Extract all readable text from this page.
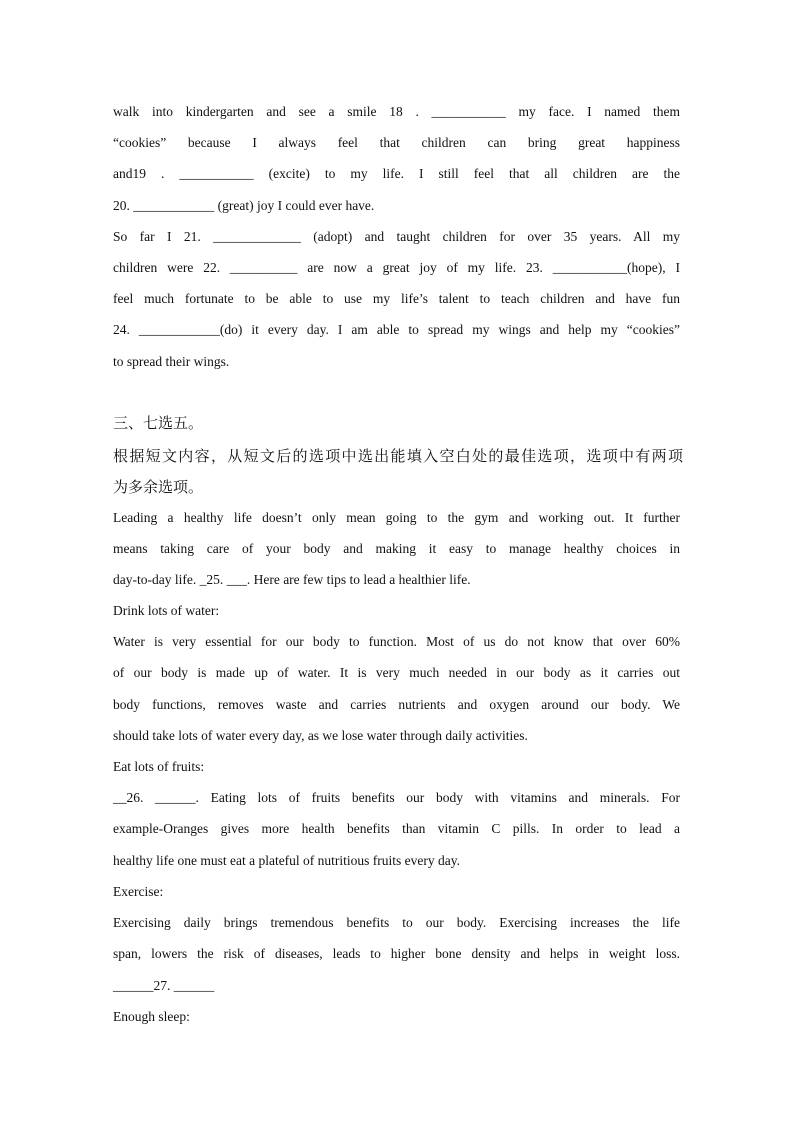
walk into kindergarten and see a smile 18 . ___________ my face. I named them
“cookies” because I always feel that children can bring great happiness
and19 . ___________ (excite) to my life. I still feel that all children are the
20. ____________ (great) joy I could ever have.
So far I 21. _____________ (adopt) and taught children for over 35 years. All my
children were 22. __________ are now a great joy of my life. 23. ___________(hope), I
feel much fortunate to be able to use my life’s talent to teach children and have fun
24. ____________(do) it every day. I am able to spread my wings and help my “cookies”
to spread their wings.
三、七选五。
根据短文内容，从短文后的选项中选出能填入空白处的最佳选项，选项中有两项
为多余选项。
Leading a healthy life doesn’t only mean going to the gym and working out. It further
means taking care of your body and making it easy to manage healthy choices in
day-to-day life. _25. ___. Here are few tips to lead a healthier life.
Drink lots of water:
Water is very essential for our body to function. Most of us do not know that over 60%
of our body is made up of water. It is very much needed in our body as it carries out
body functions, removes waste and carries nutrients and oxygen around our body. We
should take lots of water every day, as we lose water through daily activities.
Eat lots of fruits:
__26. ______. Eating lots of fruits benefits our body with vitamins and minerals. For
example-Oranges gives more health benefits than vitamin C pills. In order to lead a
healthy life one must eat a plateful of nutritious fruits every day.
Exercise:
Exercising daily brings tremendous benefits to our body. Exercising increases the life
span, lowers the risk of diseases, leads to higher bone density and helps in weight loss.
______27. ______
Enough sleep:
